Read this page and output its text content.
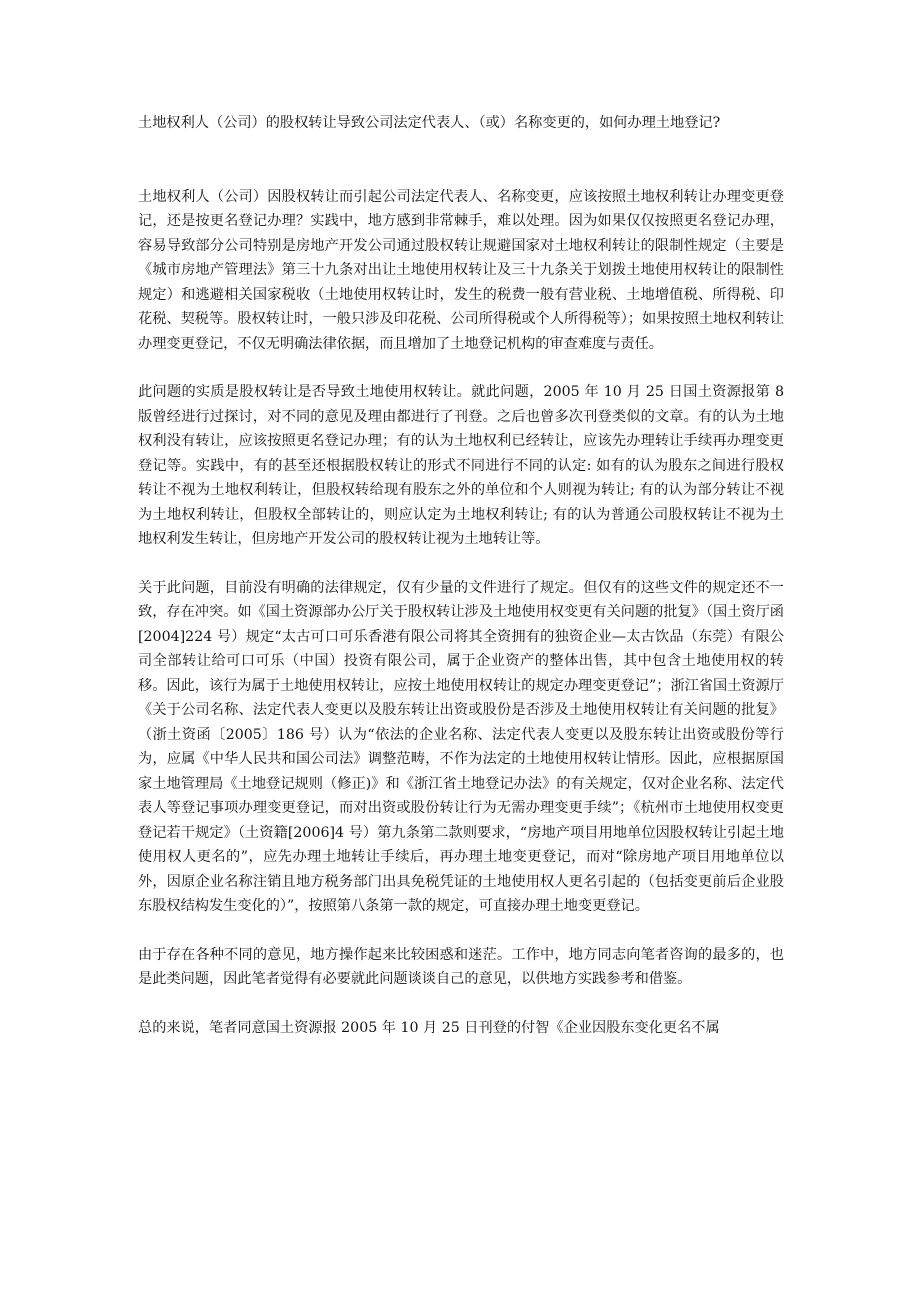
土地权利人（公司）的股权转让导致公司法定代表人、（或）名称变更的，如何办理土地登记?

土地权利人（公司）因股权转让而引起公司法定代表人、名称变更，应该按照土地权利转让办理变更登记，还是按更名登记办理？实践中，地方感到非常棘手，难以处理。因为如果仅仅按照更名登记办理，容易导致部分公司特别是房地产开发公司通过股权转让规避国家对土地权利转让的限制性规定（主要是《城市房地产管理法》第三十九条对出让土地使用权转让及三十九条关于划拨土地使用权转让的限制性规定）和逃避相关国家税收（土地使用权转让时，发生的税费一般有营业税、土地增值税、所得税、印花税、契税等。股权转让时，一般只涉及印花税、公司所得税或个人所得税等）；如果按照土地权利转让办理变更登记，不仅无明确法律依据，而且增加了土地登记机构的审查难度与责任。

此问题的实质是股权转让是否导致土地使用权转让。就此问题，2005 年 10 月 25 日国土资源报第 8 版曾经进行过探讨，对不同的意见及理由都进行了刊登。之后也曾多次刊登类似的文章。有的认为土地权利没有转让，应该按照更名登记办理；有的认为土地权利已经转让，应该先办理转让手续再办理变更登记等。实践中，有的甚至还根据股权转让的形式不同进行不同的认定: 如有的认为股东之间进行股权转让不视为土地权利转让，但股权转给现有股东之外的单位和个人则视为转让; 有的认为部分转让不视为土地权利转让，但股权全部转让的，则应认定为土地权利转让; 有的认为普通公司股权转让不视为土地权利发生转让，但房地产开发公司的股权转让视为土地转让等。

关于此问题，目前没有明确的法律规定，仅有少量的文件进行了规定。但仅有的这些文件的规定还不一致，存在冲突。如《国土资源部办公厅关于股权转让涉及土地使用权变更有关问题的批复》（国土资厅函[2004]224 号）规定“太古可口可乐香港有限公司将其全资拥有的独资企业—太古饮品（东莞）有限公司全部转让给可口可乐（中国）投资有限公司，属于企业资产的整体出售，其中包含土地使用权的转移。因此，该行为属于土地使用权转让，应按土地使用权转让的规定办理变更登记”；浙江省国土资源厅《关于公司名称、法定代表人变更以及股东转让出资或股份是否涉及土地使用权转让有关问题的批复》（浙土资函〔2005〕186 号）认为“依法的企业名称、法定代表人变更以及股东转让出资或股份等行为，应属《中华人民共和国公司法》调整范畴，不作为法定的土地使用权转让情形。因此，应根据原国家土地管理局《土地登记规则（修正)》和《浙江省土地登记办法》的有关规定，仅对企业名称、法定代表人等登记事项办理变更登记，而对出资或股份转让行为无需办理变更手续”；《杭州市土地使用权变更登记若干规定》（土资籍[2006]4 号）第九条第二款则要求，“房地产项目用地单位因股权转让引起土地使用权人更名的”，应先办理土地转让手续后，再办理土地变更登记，而对“除房地产项目用地单位以外，因原企业名称注销且地方税务部门出具免税凭证的土地使用权人更名引起的（包括变更前后企业股东股权结构发生变化的）”，按照第八条第一款的规定，可直接办理土地变更登记。

由于存在各种不同的意见，地方操作起来比较困惑和迷茫。工作中，地方同志向笔者咨询的最多的，也是此类问题，因此笔者觉得有必要就此问题谈谈自己的意见，以供地方实践参考和借鉴。

总的来说，笔者同意国土资源报 2005 年 10 月 25 日刊登的付智《企业因股东变化更名不属
